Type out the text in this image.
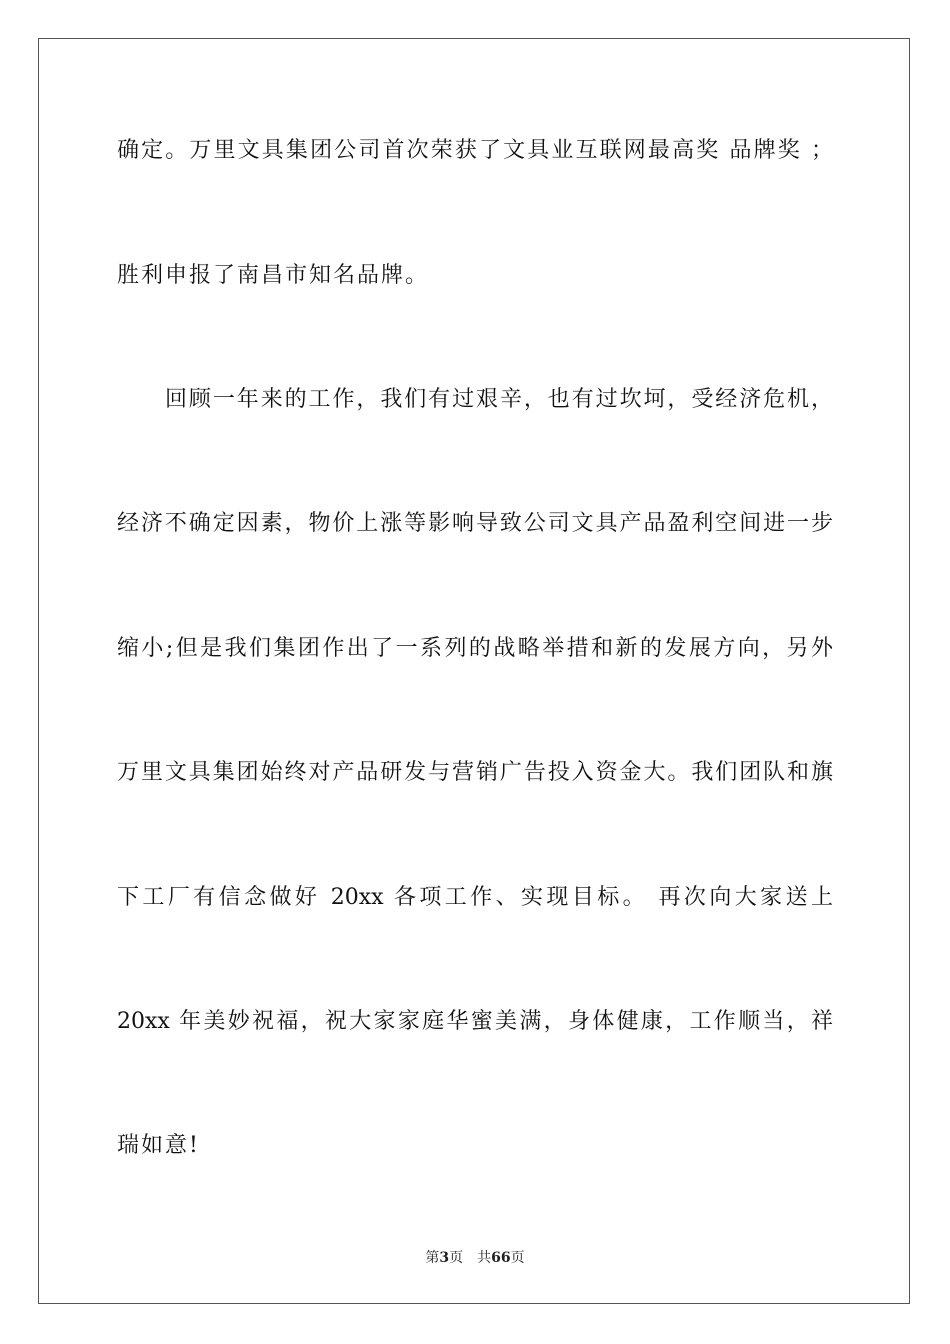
确定。万里文具集团公司首次荣获了文具业互联网最高奖 品牌奖 ；
胜利申报了南昌市知名品牌。
回顾一年来的工作，我们有过艰辛，也有过坎坷，受经济危机，
经济不确定因素，物价上涨等影响导致公司文具产品盈利空间进一步
缩小;但是我们集团作出了一系列的战略举措和新的发展方向，另外
万里文具集团始终对产品研发与营销广告投入资金大。我们团队和旗
下工厂有信念做好 20xx 各项工作、实现目标。 再次向大家送上
20xx 年美妙祝福，祝大家家庭华蜜美满，身体健康，工作顺当，祥
瑞如意!
第3页 共66页
